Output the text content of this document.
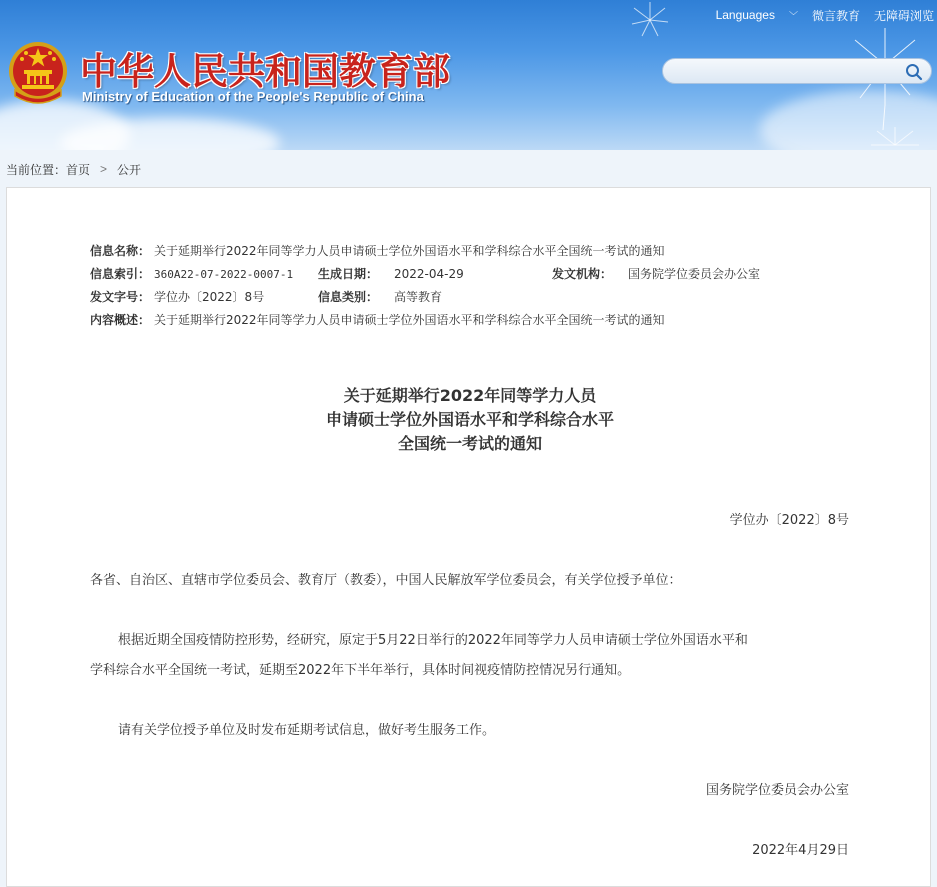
中华人民共和国教育部
Ministry of Education of the People's Republic of China
Languages ﹀ 微言教育 无障碍浏览
当前位置： 首页 > 公开
信息名称： 关于延期举行2022年同等学力人员申请硕士学位外国语水平和学科综合水平全国统一考试的通知
信息索引： 360A22-07-2022-0007-1 生成日期： 2022-04-29	发文机构： 国务院学位委员会办公室
发文字号： 学位办〔2022〕8号	信息类别： 高等教育
内容概述： 关于延期举行2022年同等学力人员申请硕士学位外国语水平和学科综合水平全国统一考试的通知
关于延期举行2022年同等学力人员
申请硕士学位外国语水平和学科综合水平
全国统一考试的通知
学位办〔2022〕8号
各省、自治区、直辖市学位委员会、教育厅（教委），中国人民解放军学位委员会，有关学位授予单位：
根据近期全国疫情防控形势，经研究，原定于5月22日举行的2022年同等学力人员申请硕士学位外国语水平和
学科综合水平全国统一考试，延期至2022年下半年举行，具体时间视疫情防控情况另行通知。
请有关学位授予单位及时发布延期考试信息，做好考生服务工作。
国务院学位委员会办公室
2022年4月29日
